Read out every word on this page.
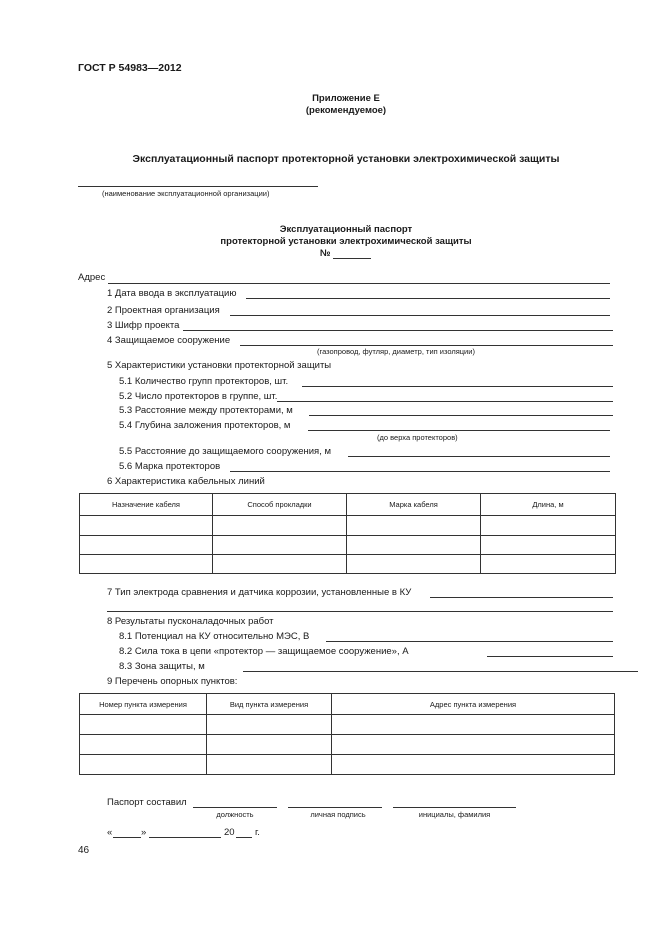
ГОСТ Р 54983—2012
Приложение Е
(рекомендуемое)
Эксплуатационный паспорт протекторной установки электрохимической защиты
(наименование эксплуатационной организации)
Эксплуатационный паспорт
протекторной установки электрохимической защиты
№
Адрес
1 Дата ввода в эксплуатацию
2 Проектная организация
3 Шифр проекта
4 Защищаемое сооружение
(газопровод, футляр, диаметр, тип изоляции)
5 Характеристики установки протекторной защиты
5.1 Количество групп протекторов, шт.
5.2 Число протекторов в группе, шт.
5.3 Расстояние между протекторами, м
5.4 Глубина заложения протекторов, м
(до верха протекторов)
5.5 Расстояние до защищаемого сооружения, м
5.6 Марка протекторов
6 Характеристика кабельных линий
Назначение кабеля	Способ прокладки	Марка кабеля	Длина, м

7 Тип электрода сравнения и датчика коррозии, установленные в КУ
8 Результаты пусконаладочных работ
8.1 Потенциал на КУ относительно МЭС, В
8.2 Сила тока в цепи «протектор — защищаемое сооружение», А
8.3 Зона защиты, м
9 Перечень опорных пунктов:
Номер пункта измерения	Вид пункта измерения	Адрес пункта измерения

Паспорт составил
должность	личная подпись	инициалы, фамилия
«	»	20 г.
46
